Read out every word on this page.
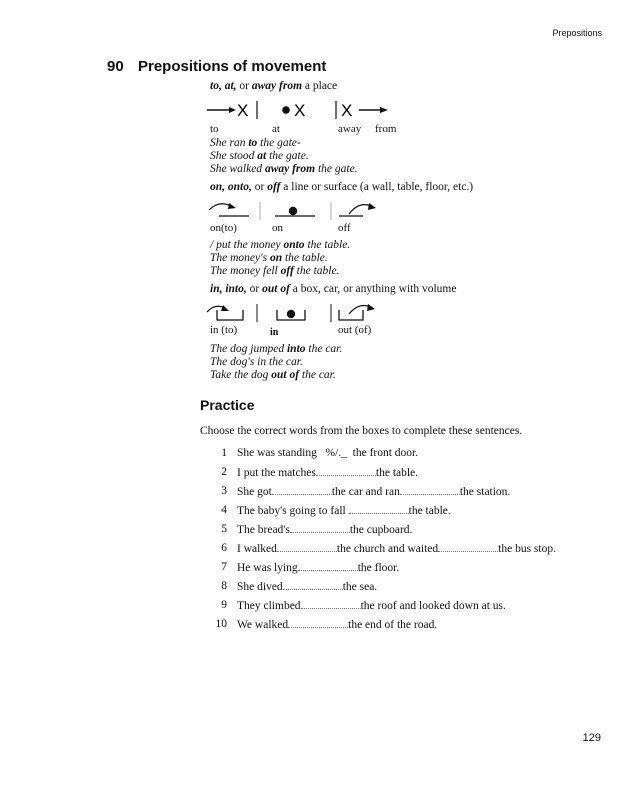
Prepositions
90 Prepositions of movement
to, at, or away from a place
X	X X
to	at	away from
She ran to the gate-
She stood at the gate.
She walked away from the gate.
on, onto, or off a line or surface (a wall, table, floor, etc.)
on(to)	on	off
/ put the money onto the table.
The money's on the table.
The money fell off the table.
in, into, or out of a box, car, or anything with volume
in (to)	in	out (of)
The dog jumped into the car.
The dog's in the car.
Take the dog out of the car.
Practice
Choose the correct words from the boxes to complete these sentences.
1 She was standing %/._ the front door.
2 I put the matches	the table.
3 She got	the car and ran	the station.
4 The baby's going to fall	the table.
5 The bread's	the cupboard.
6 I walked	the church and waited	the bus stop.
7 He was lying	the floor.
8 She dived	the sea.
9 They climbed	the roof and looked down at us.
10 We walked	the end of the road.
129
